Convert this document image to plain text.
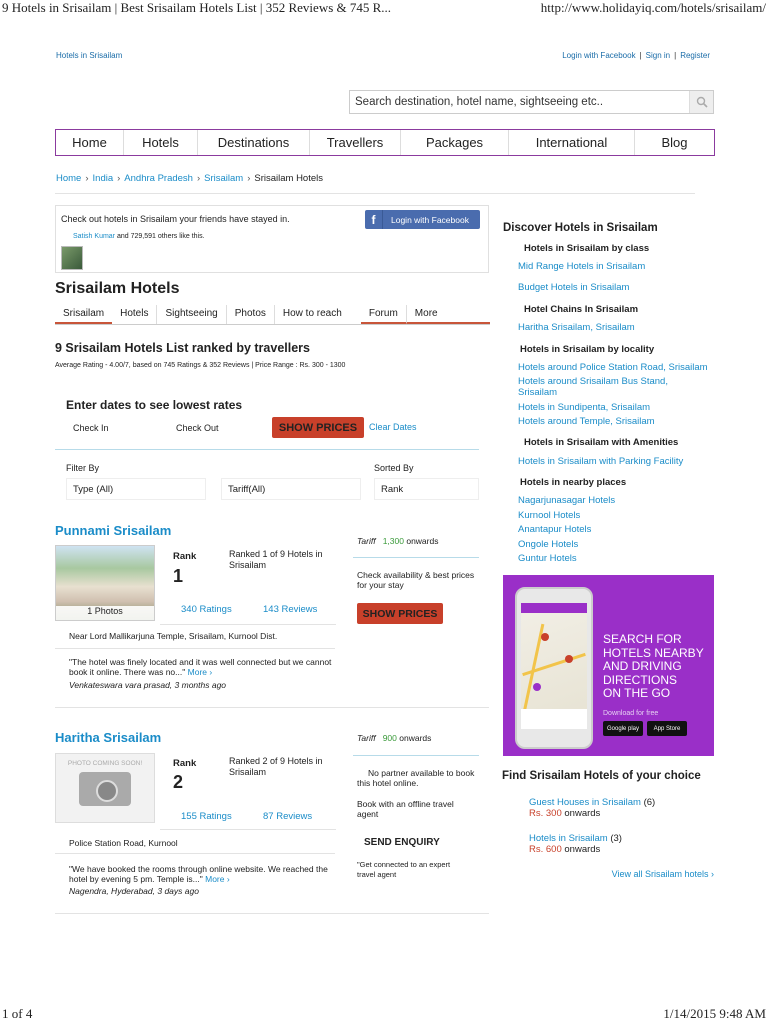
9 Hotels in Srisailam | Best Srisailam Hotels List | 352 Reviews & 745 R...	http://www.holidayiq.com/hotels/srisailam/
1 of 4	1/14/2015 9:48 AM
Hotels in Srisailam	Login with Facebook | Sign in | Register
Search destination, hotel name, sightseeing etc..
Home	Hotels	Destinations	Travellers	Packages	International	Blog
Home › India › Andhra Pradesh › Srisailam › Srisailam Hotels
Check out hotels in Srisailam your friends have stayed in.	f	Login with Facebook
Satish Kumar and 729,591 others like this.
Srisailam Hotels
Srisailam	Hotels	Sightseeing	Photos	How to reach	Forum	More
9 Srisailam Hotels List ranked by travellers
Average Rating - 4.00/7, based on 745 Ratings & 352 Reviews | Price Range : Rs. 300 - 1300
Enter dates to see lowest rates
Check In	Check Out	SHOW PRICES	Clear Dates
Filter By	Sorted By
Type (All)	Tariff(All)	Rank
Punnami Srisailam
1 Photos
Rank
1
Ranked 1 of 9 Hotels in Srisailam
340 Ratings	143 Reviews
Near Lord Mallikarjuna Temple, Srisailam, Kurnool Dist.
"The hotel was finely located and it was well connected but we cannot book it online. There was no..." More ›
Venkateswara vara prasad, 3 months ago
Tariff 1,300 onwards
Check availability & best prices for your stay
SHOW PRICES
Haritha Srisailam
PHOTO COMING SOON!	Rank
2
Ranked 2 of 9 Hotels in Srisailam
155 Ratings	87 Reviews
Police Station Road, Kurnool
"We have booked the rooms through online website. We reached the hotel by evening 5 pm. Temple is..." More ›
Nagendra, Hyderabad, 3 days ago
Tariff 900 onwards
No partner available to book this hotel online.
Book with an offline travel agent
SEND ENQUIRY
"Get connected to an expert travel agent
Discover Hotels in Srisailam
Hotels in Srisailam by class
Mid Range Hotels in Srisailam
Budget Hotels in Srisailam
Hotel Chains In Srisailam
Haritha Srisailam, Srisailam
Hotels in Srisailam by locality
Hotels around Police Station Road, Srisailam
Hotels around Srisailam Bus Stand, Srisailam
Hotels in Sundipenta, Srisailam
Hotels around Temple, Srisailam
Hotels in Srisailam with Amenities
Hotels in Srisailam with Parking Facility
Hotels in nearby places
Nagarjunasagar Hotels
Kurnool Hotels
Anantapur Hotels
Ongole Hotels
Guntur Hotels
SEARCH FOR
HOTELS NEARBY
AND DRIVING
DIRECTIONS
ON THE GO
Download for free
Google play	App Store
Find Srisailam Hotels of your choice
Guest Houses in Srisailam (6)
Rs. 300 onwards
Hotels in Srisailam (3)
Rs. 600 onwards
View all Srisailam hotels ›
